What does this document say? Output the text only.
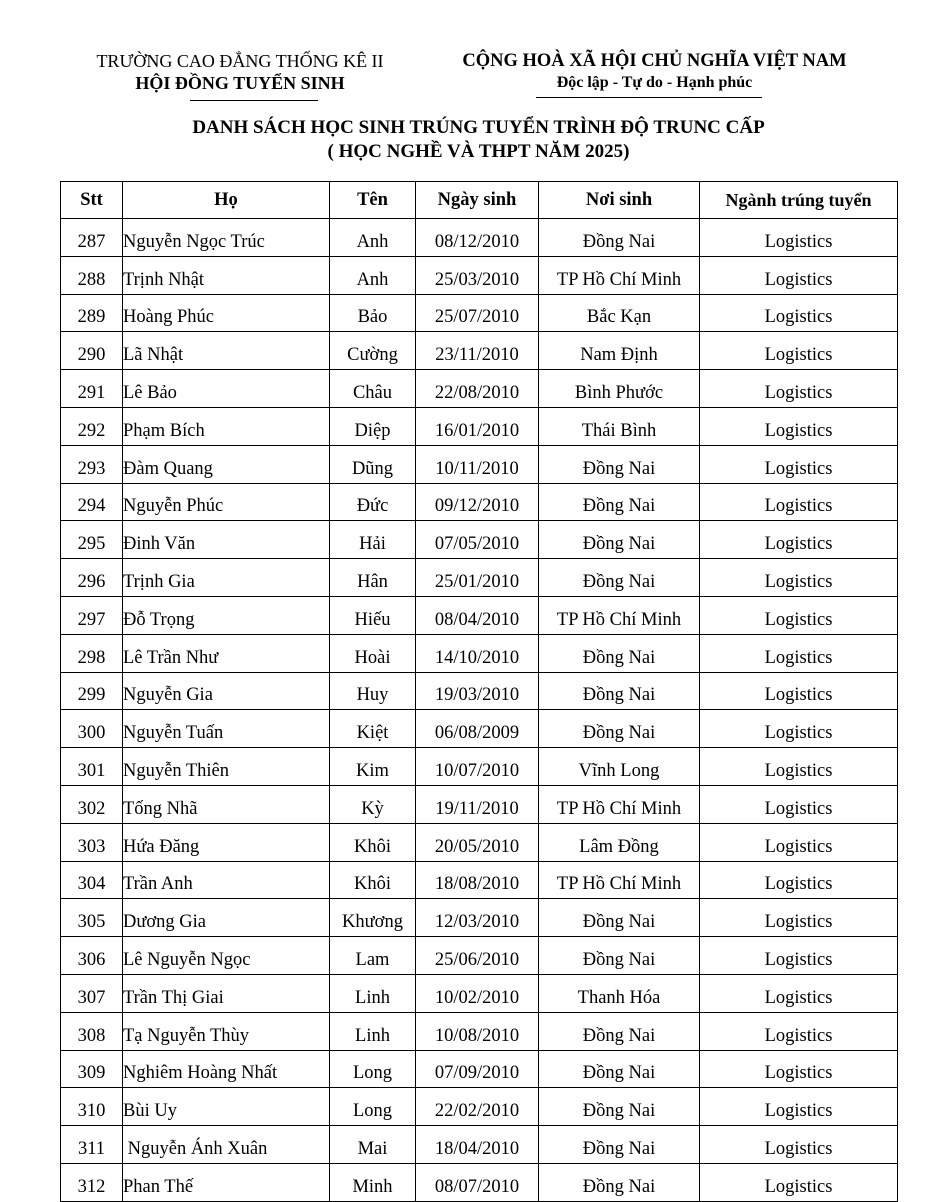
TRƯỜNG CAO ĐẲNG THỐNG KÊ II
HỘI ĐỒNG TUYỂN SINH
CỘNG HOÀ XÃ HỘI CHỦ NGHĨA VIỆT NAM
Độc lập - Tự do - Hạnh phúc
DANH SÁCH HỌC SINH TRÚNG TUYỂN TRÌNH ĐỘ TRUNC CẤP
( HỌC NGHỀ VÀ THPT NĂM 2025)
Stt	Họ	Tên	Ngày sinh	Nơi sinh	Ngành trúng tuyển
287	Nguyễn Ngọc Trúc	Anh	08/12/2010	Đồng Nai	Logistics
288	Trịnh Nhật	Anh	25/03/2010	TP Hồ Chí Minh	Logistics
289	Hoàng Phúc	Bảo	25/07/2010	Bắc Kạn	Logistics
290	Lã Nhật	Cường	23/11/2010	Nam Định	Logistics
291	Lê Bảo	Châu	22/08/2010	Bình Phước	Logistics
292	Phạm Bích	Diệp	16/01/2010	Thái Bình	Logistics
293	Đàm Quang	Dũng	10/11/2010	Đồng Nai	Logistics
294	Nguyễn Phúc	Đức	09/12/2010	Đồng Nai	Logistics
295	Đinh Văn	Hải	07/05/2010	Đồng Nai	Logistics
296	Trịnh Gia	Hân	25/01/2010	Đồng Nai	Logistics
297	Đỗ Trọng	Hiếu	08/04/2010	TP Hồ Chí Minh	Logistics
298	Lê Trần Như	Hoài	14/10/2010	Đồng Nai	Logistics
299	Nguyễn Gia	Huy	19/03/2010	Đồng Nai	Logistics
300	Nguyễn Tuấn	Kiệt	06/08/2009	Đồng Nai	Logistics
301	Nguyễn Thiên	Kim	10/07/2010	Vĩnh Long	Logistics
302	Tống Nhã	Kỳ	19/11/2010	TP Hồ Chí Minh	Logistics
303	Hứa Đăng	Khôi	20/05/2010	Lâm Đồng	Logistics
304	Trần Anh	Khôi	18/08/2010	TP Hồ Chí Minh	Logistics
305	Dương Gia	Khương	12/03/2010	Đồng Nai	Logistics
306	Lê Nguyễn Ngọc	Lam	25/06/2010	Đồng Nai	Logistics
307	Trần Thị Giai	Linh	10/02/2010	Thanh Hóa	Logistics
308	Tạ Nguyễn Thùy	Linh	10/08/2010	Đồng Nai	Logistics
309	Nghiêm Hoàng Nhất	Long	07/09/2010	Đồng Nai	Logistics
310	Bùi Uy	Long	22/02/2010	Đồng Nai	Logistics
311	Nguyễn Ánh Xuân	Mai	18/04/2010	Đồng Nai	Logistics
312	Phan Thế	Minh	08/07/2010	Đồng Nai	Logistics
